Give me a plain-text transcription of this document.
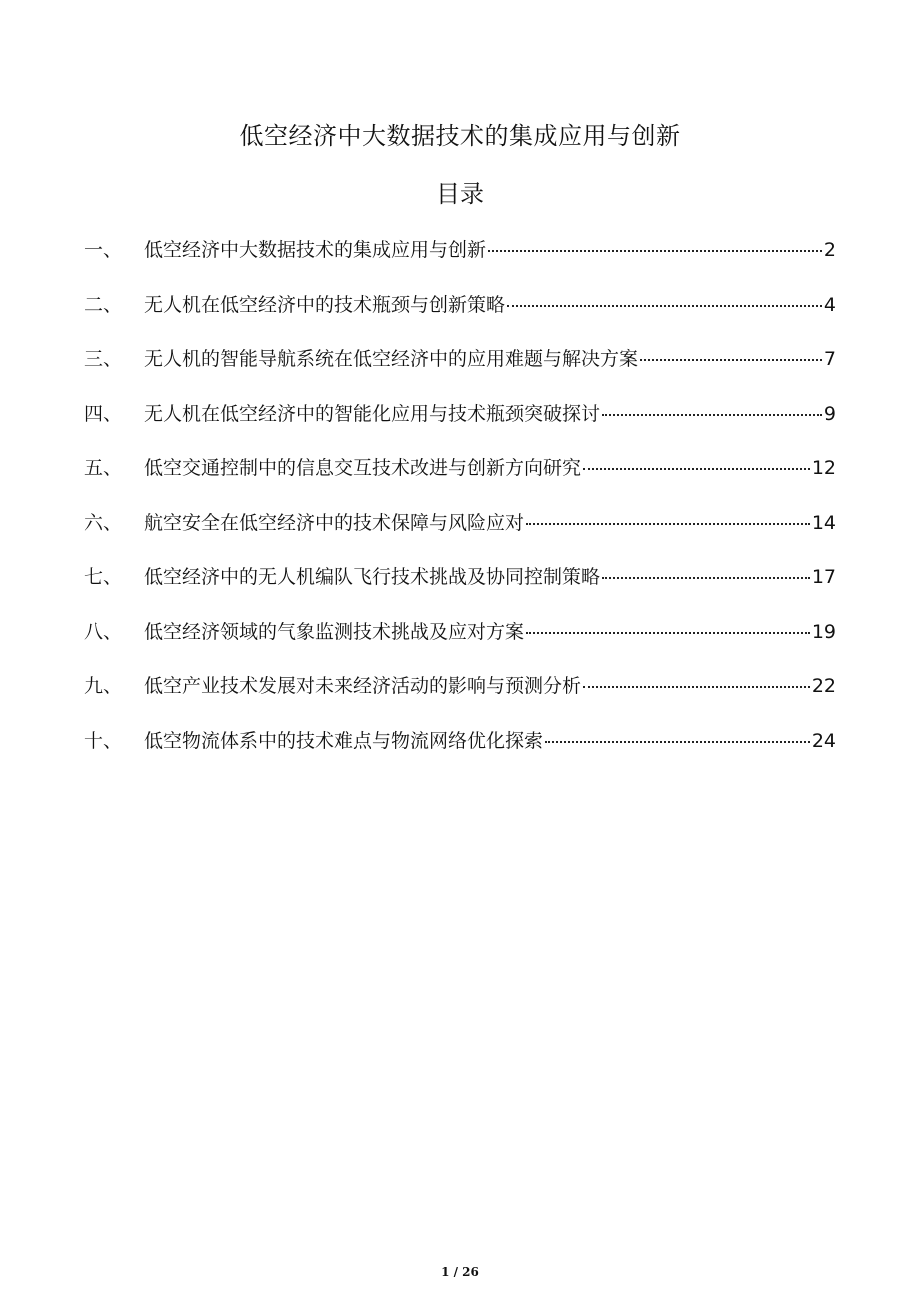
低空经济中大数据技术的集成应用与创新
目录
一、	低空经济中大数据技术的集成应用与创新	2
二、	无人机在低空经济中的技术瓶颈与创新策略	4
三、	无人机的智能导航系统在低空经济中的应用难题与解决方案	7
四、	无人机在低空经济中的智能化应用与技术瓶颈突破探讨	9
五、	低空交通控制中的信息交互技术改进与创新方向研究	12
六、	航空安全在低空经济中的技术保障与风险应对	14
七、	低空经济中的无人机编队飞行技术挑战及协同控制策略	17
八、	低空经济领域的气象监测技术挑战及应对方案	19
九、	低空产业技术发展对未来经济活动的影响与预测分析	22
十、	低空物流体系中的技术难点与物流网络优化探索	24
1 / 26
